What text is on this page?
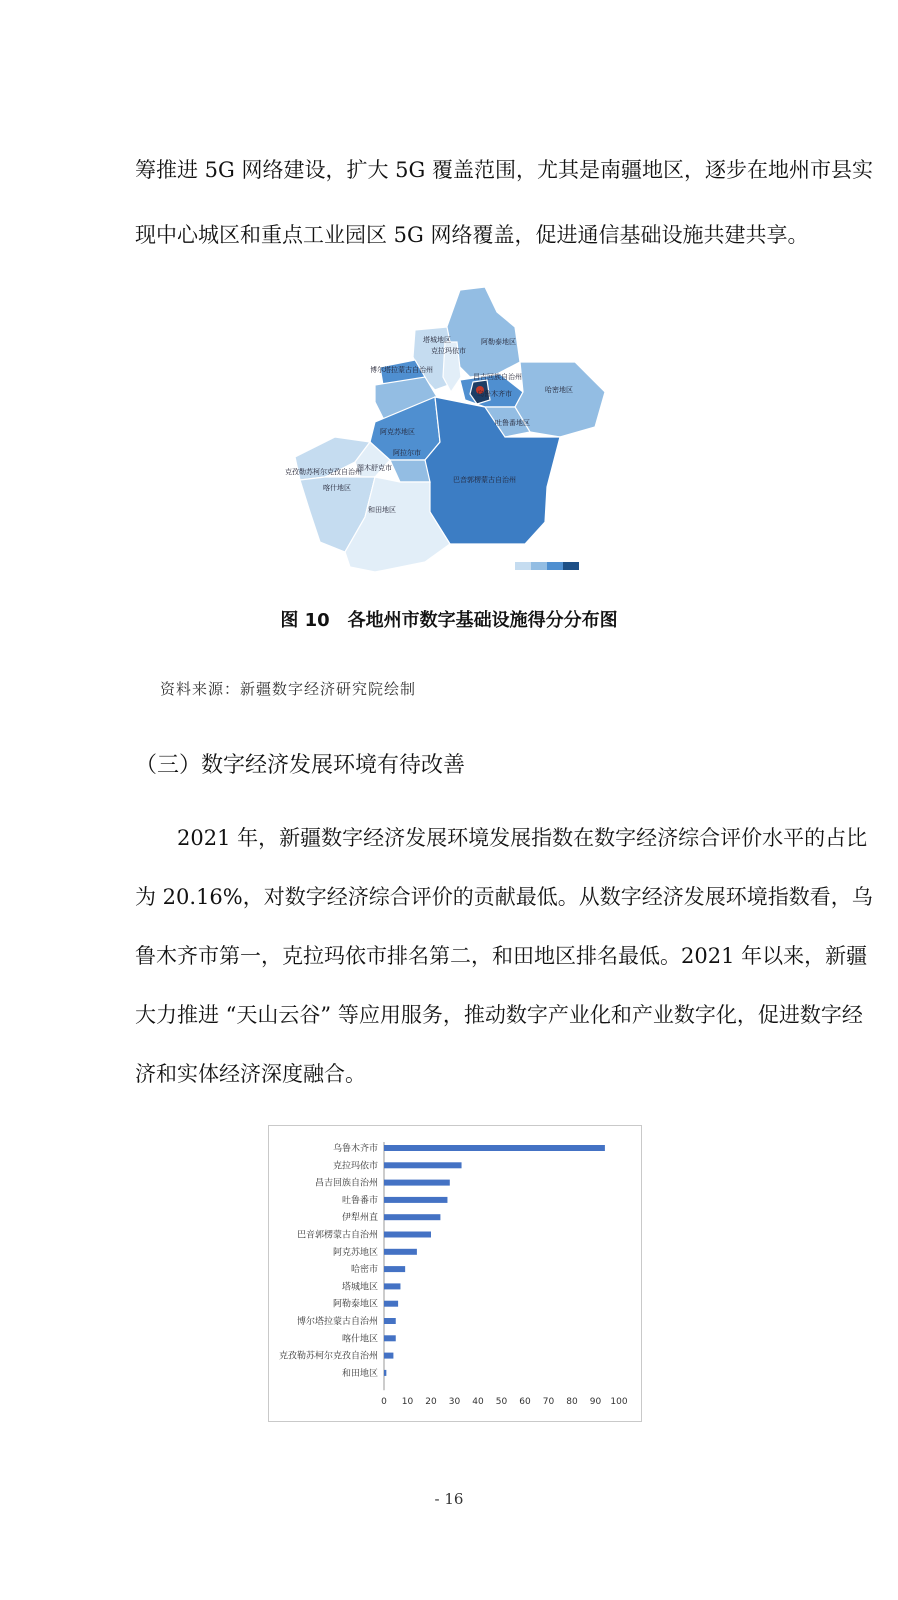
筹推进 5G 网络建设，扩大 5G 覆盖范围，尤其是南疆地区，逐步在地州市县实
现中心城区和重点工业园区 5G 网络覆盖，促进通信基础设施共建共享。
塔城地区
克拉玛依市
阿勒泰地区
博尔塔拉蒙古自治州
昌吉回族自治州
乌鲁木齐市	哈密地区
吐鲁番地区
阿克苏地区
阿拉尔市
图木舒克市
克孜勒苏柯尔克孜自治州
喀什地区
和田地区
巴音郭楞蒙古自治州
图 10　各地州市数字基础设施得分分布图
资料来源：新疆数字经济研究院绘制
（三）数字经济发展环境有待改善
　　2021 年，新疆数字经济发展环境发展指数在数字经济综合评价水平的占比
为 20.16%，对数字经济综合评价的贡献最低。从数字经济发展环境指数看，乌
鲁木齐市第一，克拉玛依市排名第二，和田地区排名最低。2021 年以来，新疆
大力推进 “天山云谷” 等应用服务，推动数字产业化和产业数字化，促进数字经
济和实体经济深度融合。
乌鲁木齐市
克拉玛依市
昌吉回族自治州
吐鲁番市
伊犁州直
巴音郭楞蒙古自治州
阿克苏地区
哈密市
塔城地区
阿勒泰地区
博尔塔拉蒙古自治州
喀什地区
克孜勒苏柯尔克孜自治州
和田地区
0 10 20 30 40 50 60 70 80 90 100
- 16
